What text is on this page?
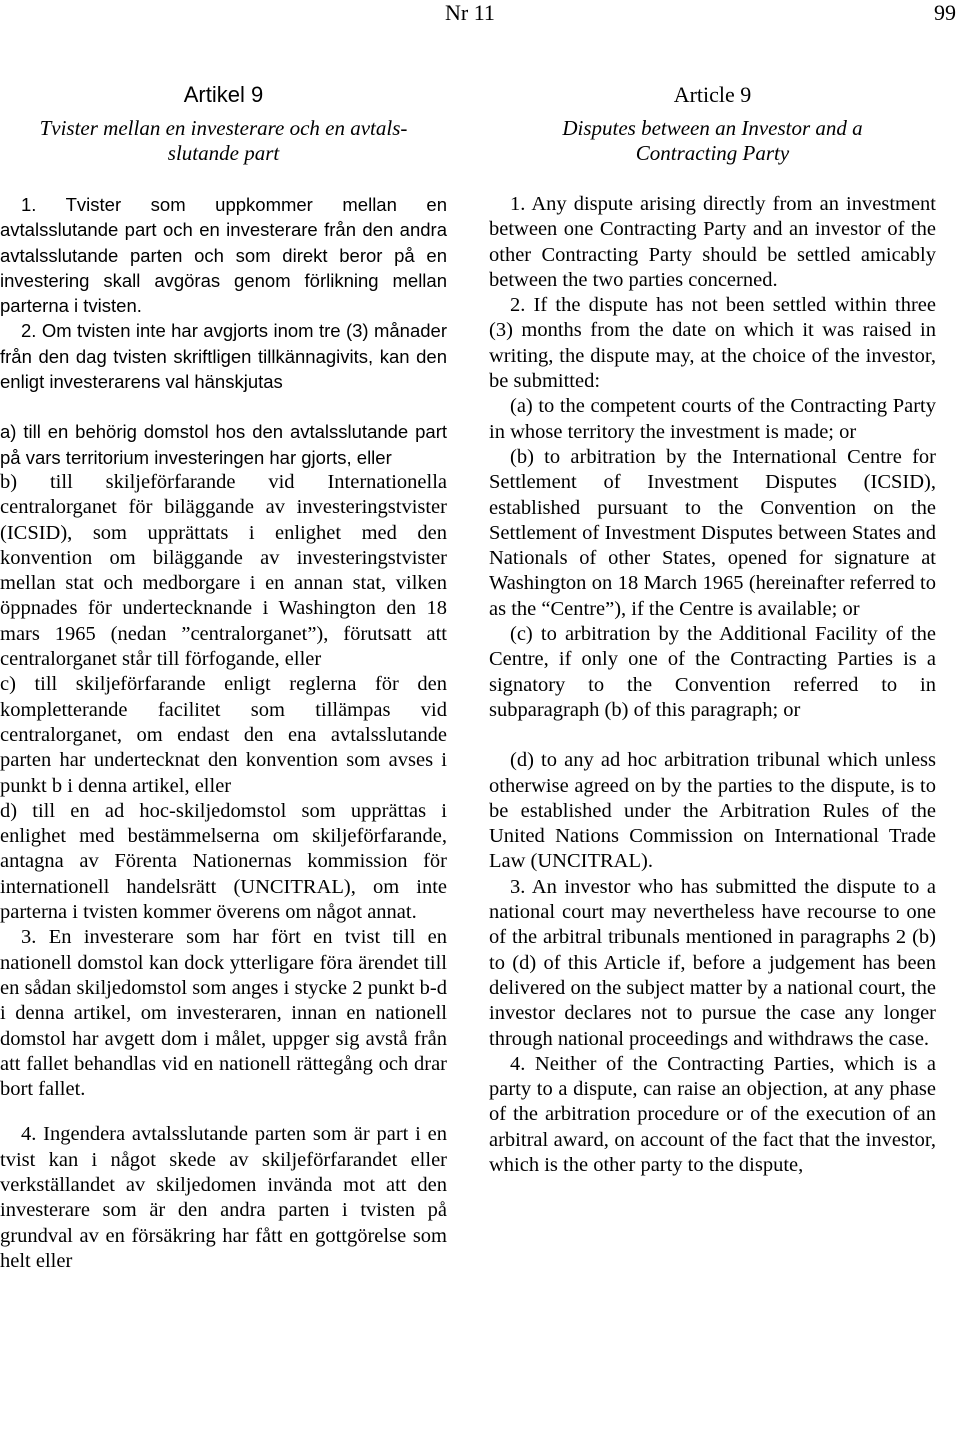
Nr 11	99

Artikel 9

Tvister mellan en investerare och en avtals-slutande part

1. Tvister som uppkommer mellan en avtalsslutande part och en investerare från den andra avtalsslutande parten och som direkt beror på en investering skall avgöras genom förlikning mellan parterna i tvisten.

2. Om tvisten inte har avgjorts inom tre (3) månader från den dag tvisten skriftligen tillkännagivits, kan den enligt investerarens val hänskjutas

a) till en behörig domstol hos den avtalsslutande part på vars territorium investeringen har gjorts, eller

b) till skiljeförfarande vid Internationella centralorganet för biläggande av investeringstvister (ICSID), som upprättats i enlighet med den konvention om biläggande av investeringstvister mellan stat och medborgare i en annan stat, vilken öppnades för undertecknande i Washington den 18 mars 1965 (nedan ”centralorganet”), förutsatt att centralorganet står till förfogande, eller

c) till skiljeförfarande enligt reglerna för den kompletterande facilitet som tillämpas vid centralorganet, om endast den ena avtalsslutande parten har undertecknat den konvention som avses i punkt b i denna artikel, eller

d) till en ad hoc-skiljedomstol som upprättas i enlighet med bestämmelserna om skiljeförfarande, antagna av Förenta Nationernas kommission för internationell handelsrätt (UNCITRAL), om inte parterna i tvisten kommer överens om något annat.

3. En investerare som har fört en tvist till en nationell domstol kan dock ytterligare föra ärendet till en sådan skiljedomstol som anges i stycke 2 punkt b-d i denna artikel, om investeraren, innan en nationell domstol har avgett dom i målet, uppger sig avstå från att fallet behandlas vid en nationell rättegång och drar bort fallet.

4. Ingendera avtalsslutande parten som är part i en tvist kan i något skede av skiljeförfarandet eller verkställandet av skiljedomen invända mot att den investerare som är den andra parten i tvisten på grundval av en försäkring har fått en gottgörelse som helt eller

Article 9

Disputes between an Investor and a Contracting Party

1. Any dispute arising directly from an investment between one Contracting Party and an investor of the other Contracting Party should be settled amicably between the two parties concerned.

2. If the dispute has not been settled within three (3) months from the date on which it was raised in writing, the dispute may, at the choice of the investor, be submitted:

(a) to the competent courts of the Contracting Party in whose territory the investment is made; or

(b) to arbitration by the International Centre for Settlement of Investment Disputes (ICSID), established pursuant to the Convention on the Settlement of Investment Disputes between States and Nationals of other States, opened for signature at Washington on 18 March 1965 (hereinafter referred to as the “Centre”), if the Centre is available; or

(c) to arbitration by the Additional Facility of the Centre, if only one of the Contracting Parties is a signatory to the Convention referred to in subparagraph (b) of this paragraph; or

(d) to any ad hoc arbitration tribunal which unless otherwise agreed on by the parties to the dispute, is to be established under the Arbitration Rules of the United Nations Commission on International Trade Law (UNCITRAL).

3. An investor who has submitted the dispute to a national court may nevertheless have recourse to one of the arbitral tribunals mentioned in paragraphs 2 (b) to (d) of this Article if, before a judgement has been delivered on the subject matter by a national court, the investor declares not to pursue the case any longer through national proceedings and withdraws the case.

4. Neither of the Contracting Parties, which is a party to a dispute, can raise an objection, at any phase of the arbitration procedure or of the execution of an arbitral award, on account of the fact that the investor, which is the other party to the dispute,
